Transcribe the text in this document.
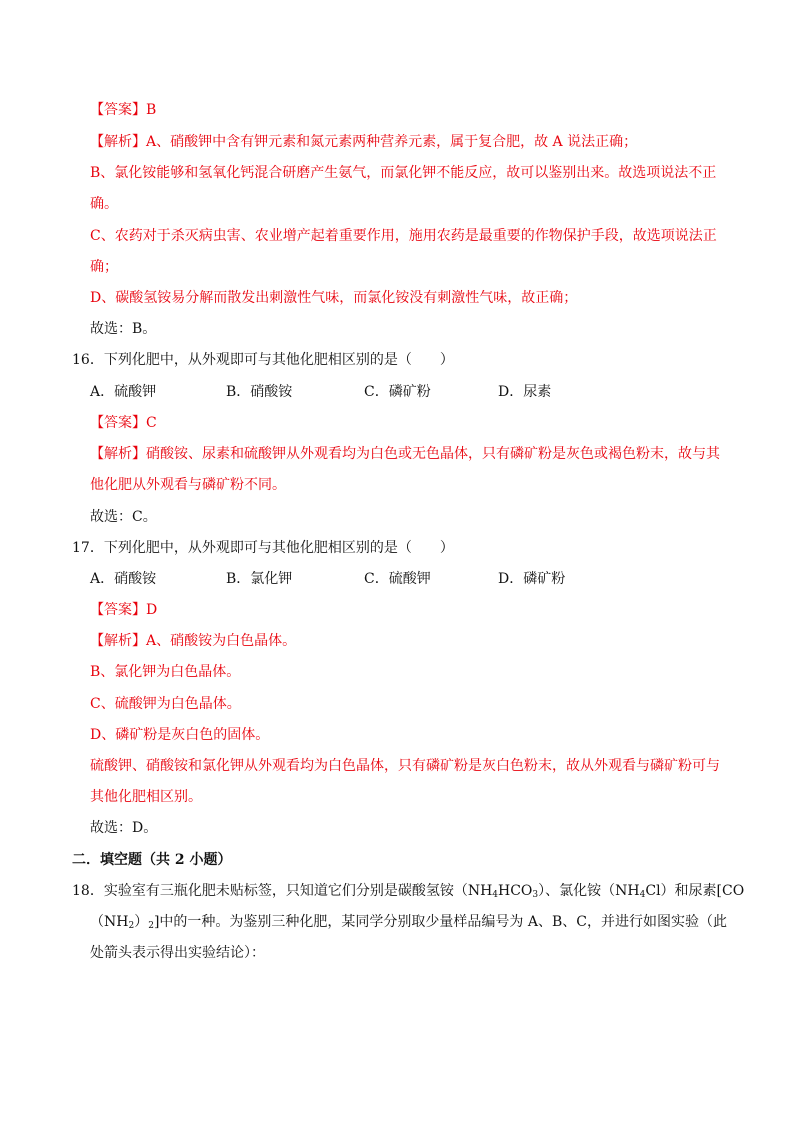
【答案】B
【解析】A、硝酸钾中含有钾元素和氮元素两种营养元素，属于复合肥，故 A 说法正确；
B、氯化铵能够和氢氧化钙混合研磨产生氨气，而氯化钾不能反应，故可以鉴别出来。故选项说法不正
确。
C、农药对于杀灭病虫害、农业增产起着重要作用，施用农药是最重要的作物保护手段，故选项说法正
确；
D、碳酸氢铵易分解而散发出刺激性气味，而氯化铵没有刺激性气味，故正确；
故选：B。
16．下列化肥中，从外观即可与其他化肥相区别的是（　　）
A．硫酸钾	B．硝酸铵	C．磷矿粉	D．尿素
【答案】C
【解析】硝酸铵、尿素和硫酸钾从外观看均为白色或无色晶体，只有磷矿粉是灰色或褐色粉末，故与其
他化肥从外观看与磷矿粉不同。
故选：C。
17．下列化肥中，从外观即可与其他化肥相区别的是（　　）
A．硝酸铵	B．氯化钾	C．硫酸钾	D．磷矿粉
【答案】D
【解析】A、硝酸铵为白色晶体。
B、氯化钾为白色晶体。
C、硫酸钾为白色晶体。
D、磷矿粉是灰白色的固体。
硫酸钾、硝酸铵和氯化钾从外观看均为白色晶体，只有磷矿粉是灰白色粉末，故从外观看与磷矿粉可与
其他化肥相区别。
故选：D。
二．填空题（共 2 小题）
18．实验室有三瓶化肥未贴标签，只知道它们分别是碳酸氢铵$(NH_4HCO_3)$、氯化铵$(NH_4Cl)$和尿素[CO
$(NH_2)_2$]中的一种。为鉴别三种化肥，某同学分别取少量样品编号为 A、B、C，并进行如图实验（此
处箭头表示得出实验结论）：
